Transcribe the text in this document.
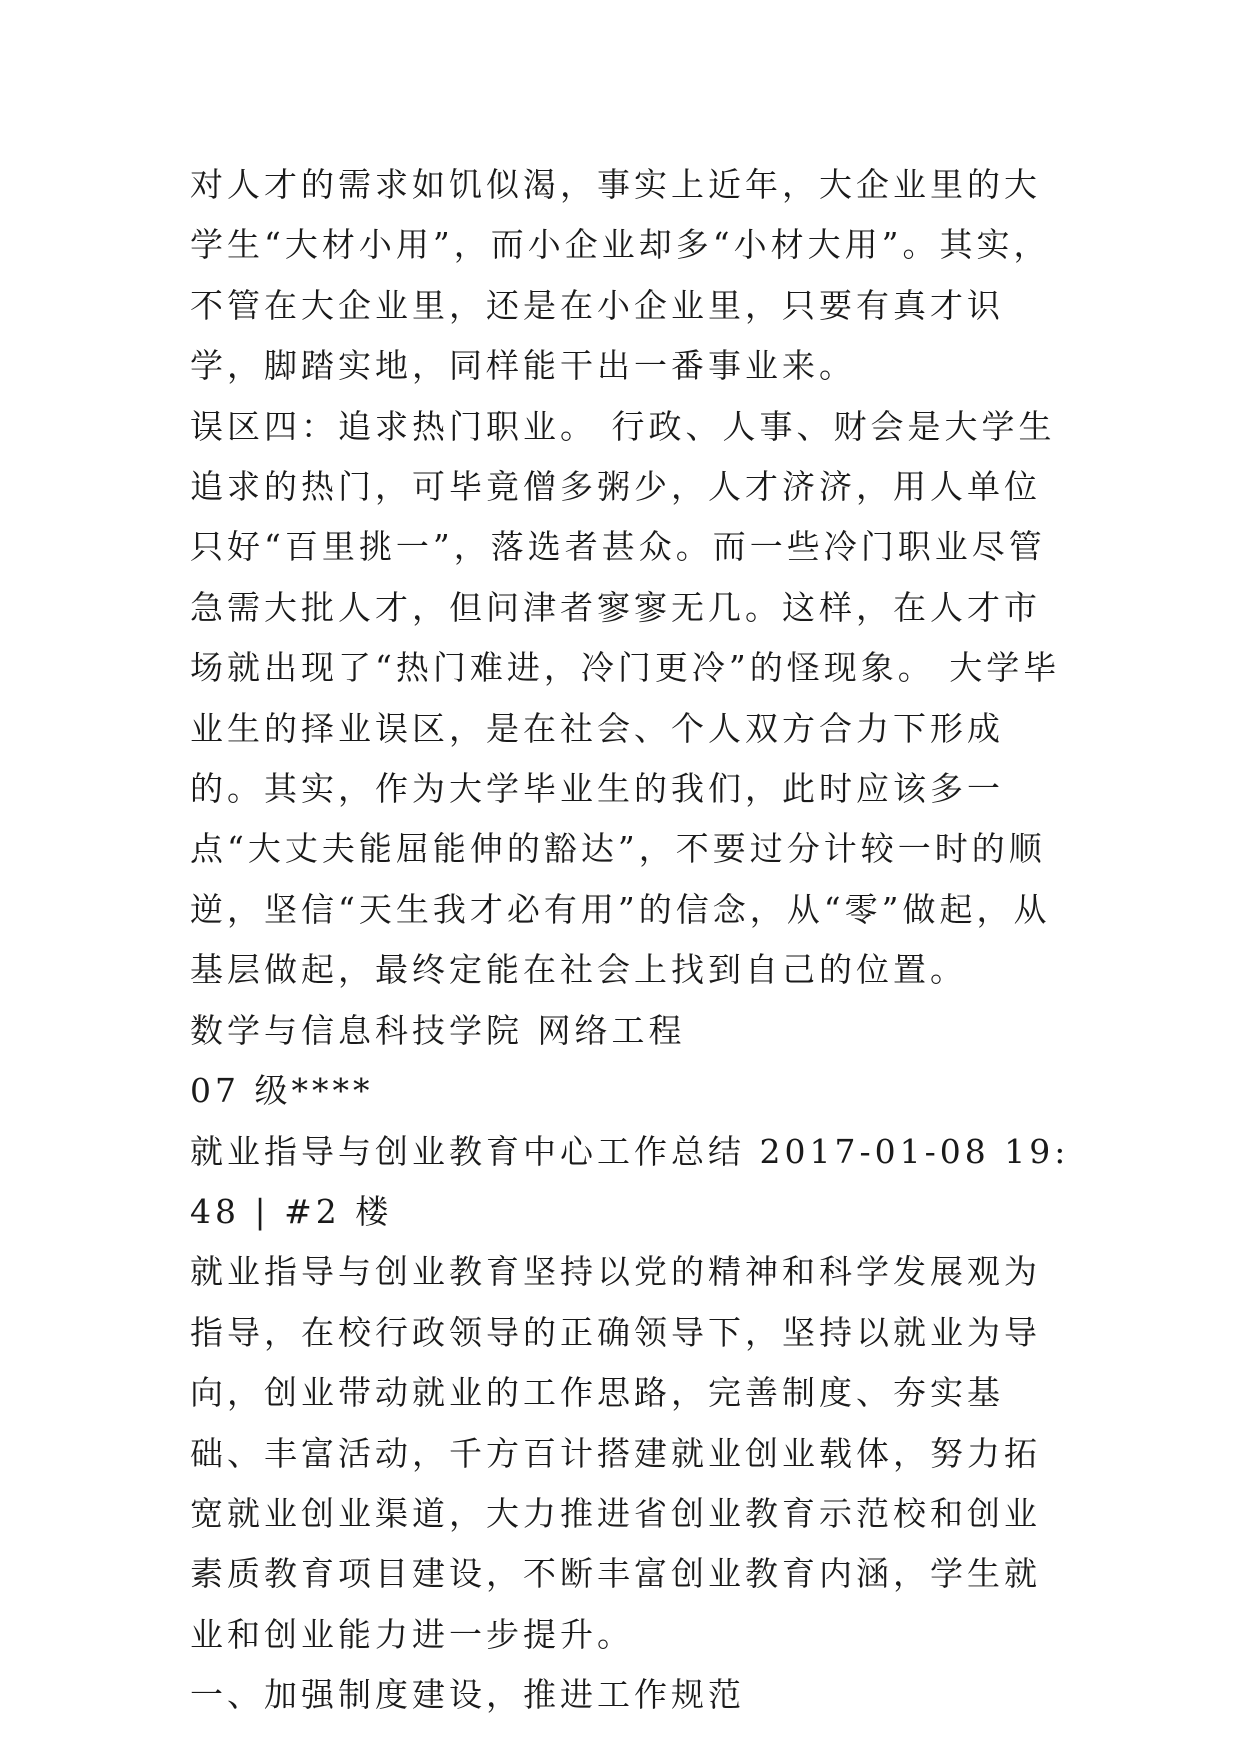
对人才的需求如饥似渴，事实上近年，大企业里的大学生“大材小用”，而小企业却多“小材大用”。其实，不管在大企业里，还是在小企业里，只要有真才识学，脚踏实地，同样能干出一番事业来。

误区四：追求热门职业。 行政、人事、财会是大学生追求的热门，可毕竟僧多粥少，人才济济，用人单位只好“百里挑一”，落选者甚众。而一些冷门职业尽管急需大批人才，但问津者寥寥无几。这样，在人才市场就出现了“热门难进，冷门更冷”的怪现象。 大学毕业生的择业误区，是在社会、个人双方合力下形成的。其实，作为大学毕业生的我们，此时应该多一点“大丈夫能屈能伸的豁达”，不要过分计较一时的顺逆，坚信“天生我才必有用”的信念，从“零”做起，从基层做起，最终定能在社会上找到自己的位置。

数学与信息科技学院 网络工程

07 级****

就业指导与创业教育中心工作总结 2017-01-08 19:48 | #2 楼

就业指导与创业教育坚持以党的精神和科学发展观为指导，在校行政领导的正确领导下，坚持以就业为导向，创业带动就业的工作思路，完善制度、夯实基础、丰富活动，千方百计搭建就业创业载体，努力拓宽就业创业渠道，大力推进省创业教育示范校和创业素质教育项目建设，不断丰富创业教育内涵，学生就业和创业能力进一步提升。

一、加强制度建设，推进工作规范
